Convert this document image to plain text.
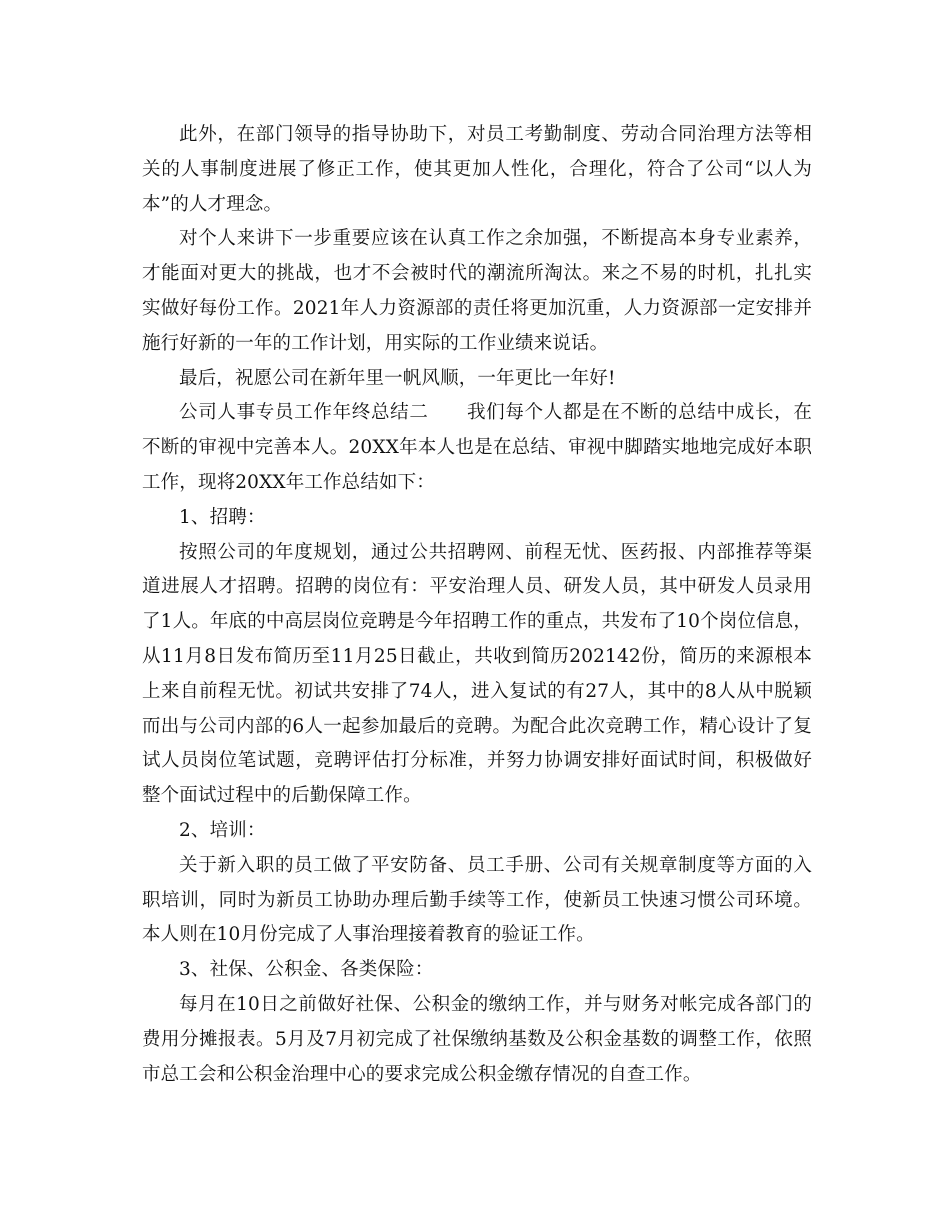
此外，在部门领导的指导协助下，对员工考勤制度、劳动合同治理方法等相关的人事制度进展了修正工作，使其更加人性化，合理化，符合了公司“以人为本”的人才理念。

对个人来讲下一步重要应该在认真工作之余加强，不断提高本身专业素养，才能面对更大的挑战，也才不会被时代的潮流所淘汰。来之不易的时机，扎扎实实做好每份工作。2021年人力资源部的责任将更加沉重，人力资源部一定安排并施行好新的一年的工作计划，用实际的工作业绩来说话。

最后，祝愿公司在新年里一帆风顺，一年更比一年好!

公司人事专员工作年终总结二　　我们每个人都是在不断的总结中成长，在不断的审视中完善本人。20XX年本人也是在总结、审视中脚踏实地地完成好本职工作，现将20XX年工作总结如下：

1、招聘：

按照公司的年度规划，通过公共招聘网、前程无忧、医药报、内部推荐等渠道进展人才招聘。招聘的岗位有：平安治理人员、研发人员，其中研发人员录用了1人。年底的中高层岗位竞聘是今年招聘工作的重点，共发布了10个岗位信息，从11月8日发布简历至11月25日截止，共收到简历202142份，简历的来源根本上来自前程无忧。初试共安排了74人，进入复试的有27人，其中的8人从中脱颖而出与公司内部的6人一起参加最后的竞聘。为配合此次竞聘工作，精心设计了复试人员岗位笔试题，竞聘评估打分标准，并努力协调安排好面试时间，积极做好整个面试过程中的后勤保障工作。

2、培训：

关于新入职的员工做了平安防备、员工手册、公司有关规章制度等方面的入职培训，同时为新员工协助办理后勤手续等工作，使新员工快速习惯公司环境。本人则在10月份完成了人事治理接着教育的验证工作。

3、社保、公积金、各类保险：

每月在10日之前做好社保、公积金的缴纳工作，并与财务对帐完成各部门的费用分摊报表。5月及7月初完成了社保缴纳基数及公积金基数的调整工作，依照市总工会和公积金治理中心的要求完成公积金缴存情况的自查工作。
